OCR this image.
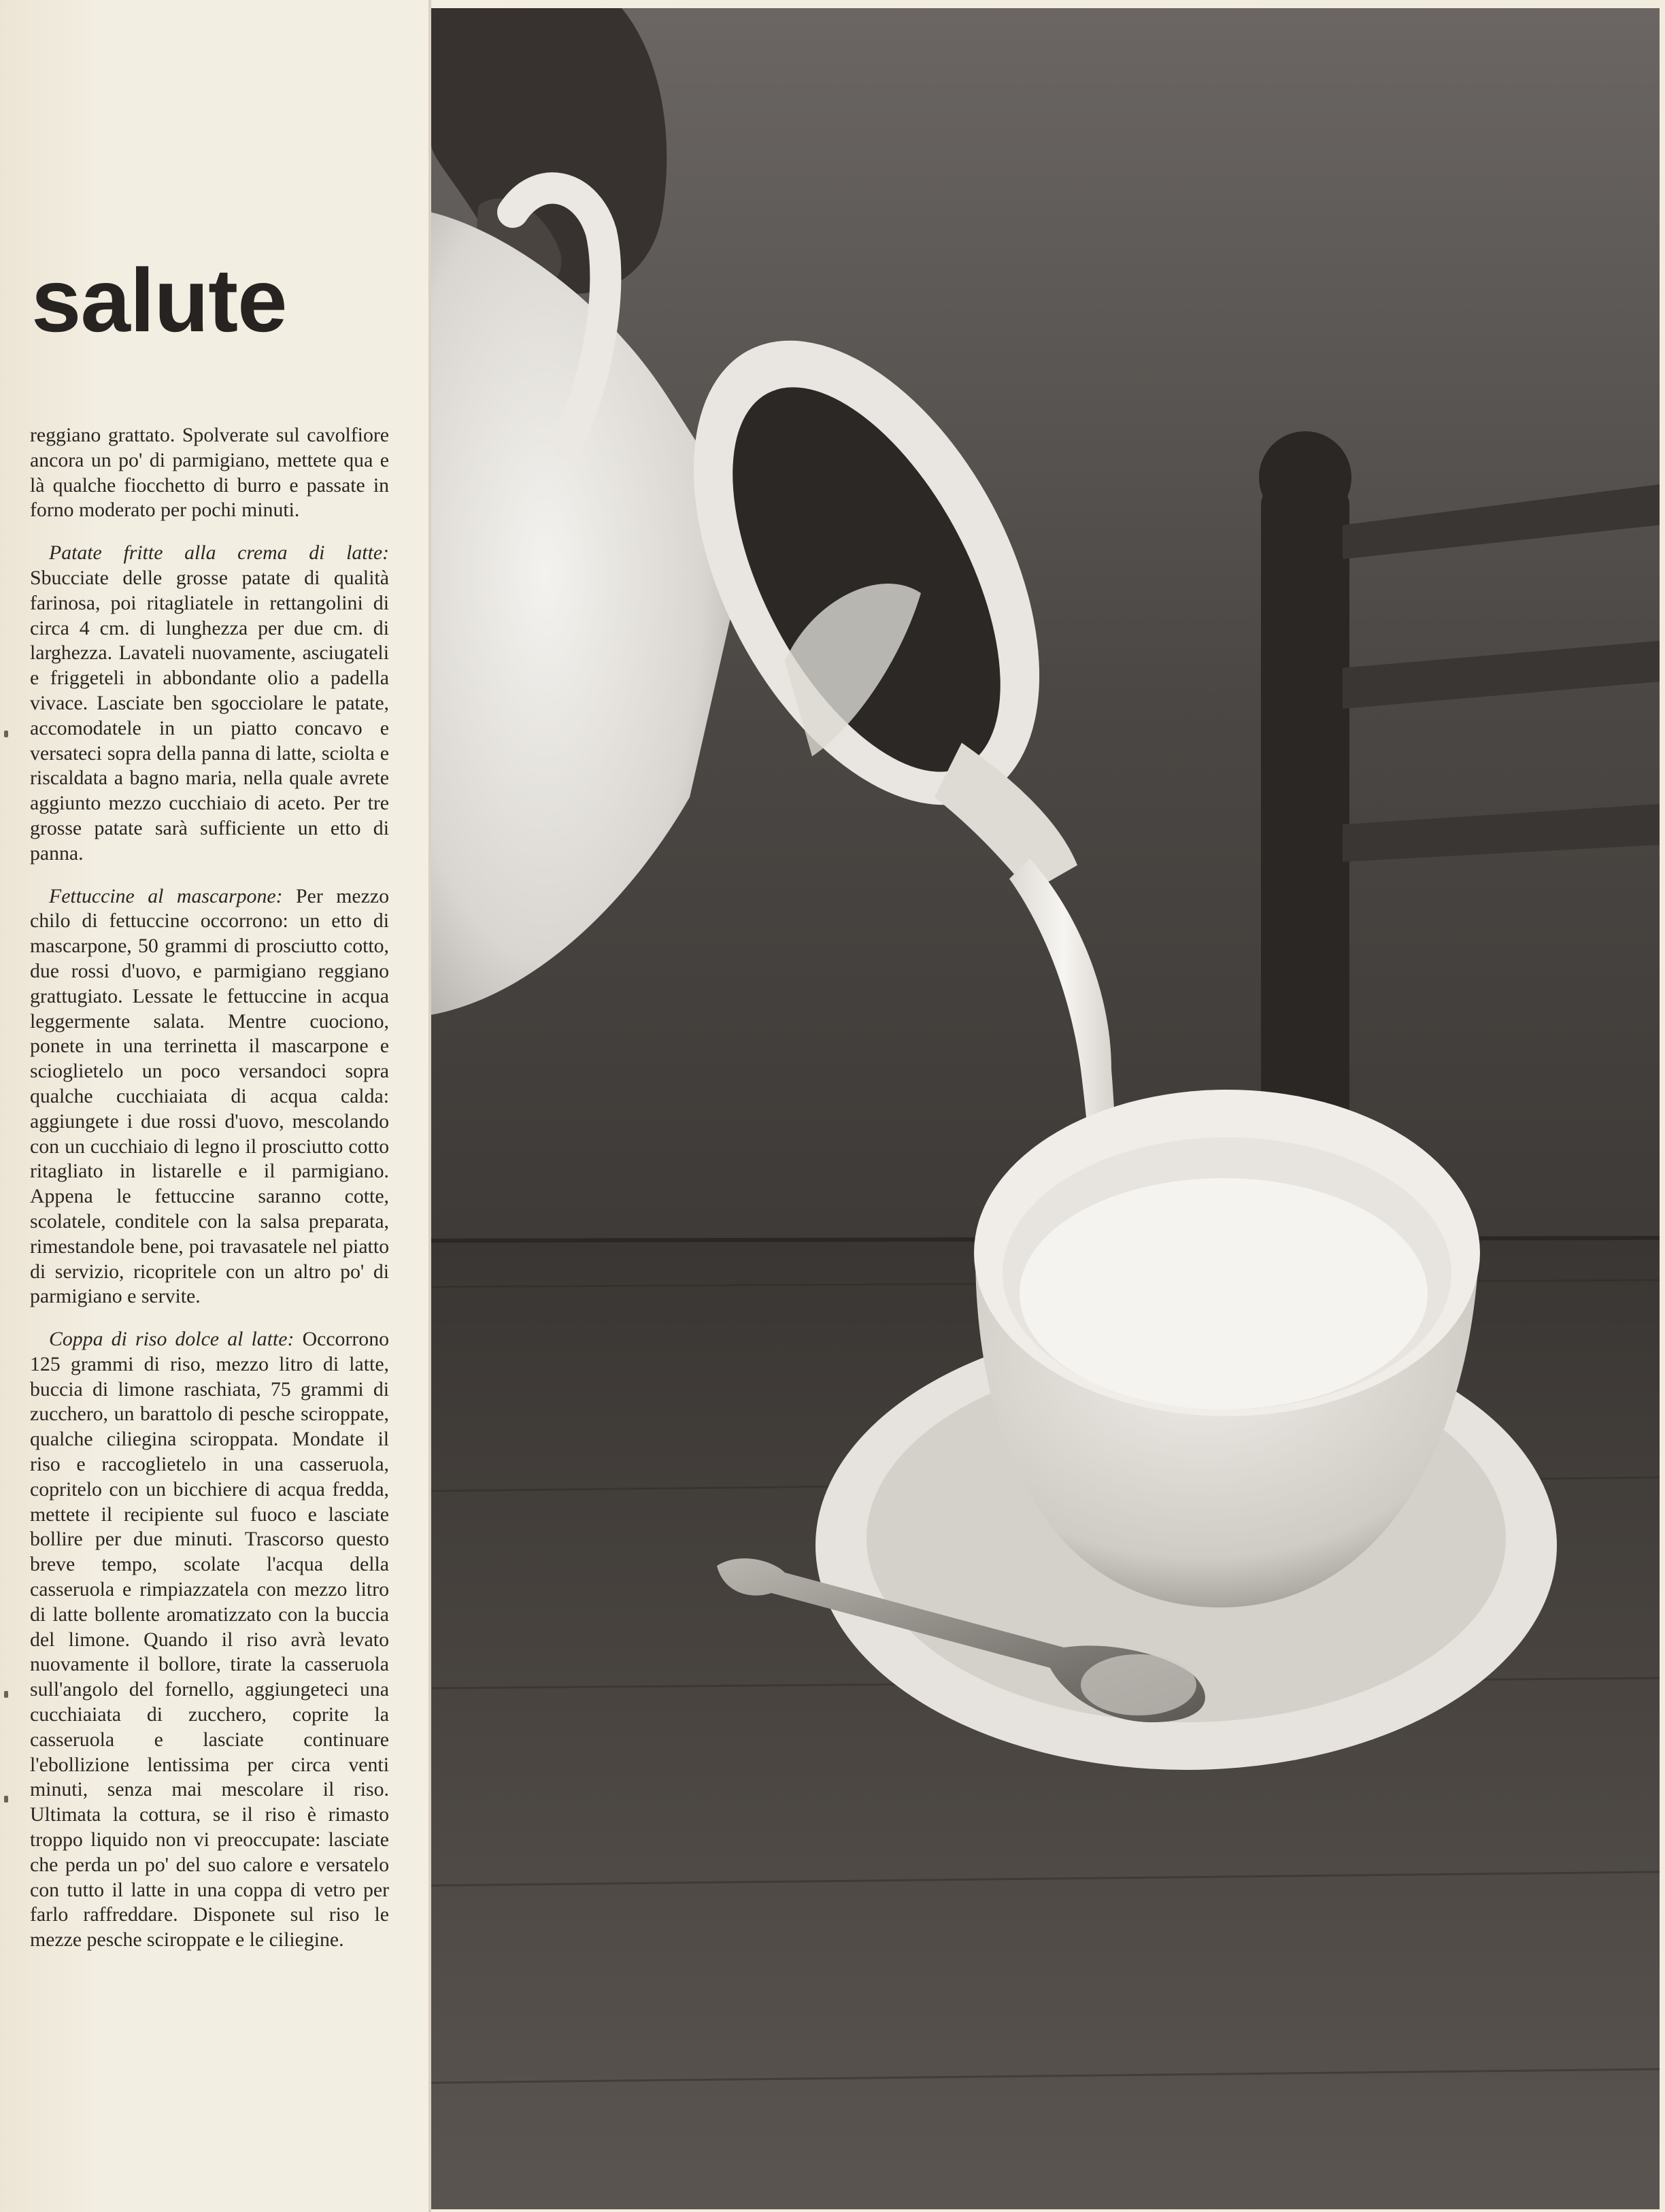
salute

reggiano grattato. Spolverate sul cavolfiore ancora un po' di parmigiano, mettete qua e là qualche fiocchetto di burro e passate in forno moderato per pochi minuti.

Patate fritte alla crema di latte: Sbucciate delle grosse patate di qualità farinosa, poi ritagliatele in rettangolini di circa 4 cm. di lunghezza per due cm. di larghezza. Lavateli nuovamente, asciugateli e friggeteli in abbondante olio a padella vivace. Lasciate ben sgocciolare le patate, accomodatele in un piatto concavo e versateci sopra della panna di latte, sciolta e riscaldata a bagno maria, nella quale avrete aggiunto mezzo cucchiaio di aceto. Per tre grosse patate sarà sufficiente un etto di panna.

Fettuccine al mascarpone: Per mezzo chilo di fettuccine occorrono: un etto di mascarpone, 50 grammi di prosciutto cotto, due rossi d'uovo, e parmigiano reggiano grattugiato. Lessate le fettuccine in acqua leggermente salata. Mentre cuociono, ponete in una terrinetta il mascarpone e scioglietelo un poco versandoci sopra qualche cucchiaiata di acqua calda: aggiungete i due rossi d'uovo, mescolando con un cucchiaio di legno il prosciutto cotto ritagliato in listarelle e il parmigiano. Appena le fettuccine saranno cotte, scolatele, conditele con la salsa preparata, rimestandole bene, poi travasatele nel piatto di servizio, ricopritele con un altro po' di parmigiano e servite.

Coppa di riso dolce al latte: Occorrono 125 grammi di riso, mezzo litro di latte, buccia di limone raschiata, 75 grammi di zucchero, un barattolo di pesche sciroppate, qualche ciliegina sciroppata. Mondate il riso e raccoglietelo in una casseruola, copritelo con un bicchiere di acqua fredda, mettete il recipiente sul fuoco e lasciate bollire per due minuti. Trascorso questo breve tempo, scolate l'acqua della casseruola e rimpiazzatela con mezzo litro di latte bollente aromatizzato con la buccia del limone. Quando il riso avrà levato nuovamente il bollore, tirate la casseruola sull'angolo del fornello, aggiungeteci una cucchiaiata di zucchero, coprite la casseruola e lasciate continuare l'ebollizione lentissima per circa venti minuti, senza mai mescolare il riso. Ultimata la cottura, se il riso è rimasto troppo liquido non vi preoccupate: lasciate che perda un po' del suo calore e versatelo con tutto il latte in una coppa di vetro per farlo raffreddare. Disponete sul riso le mezze pesche sciroppate e le ciliegine.
